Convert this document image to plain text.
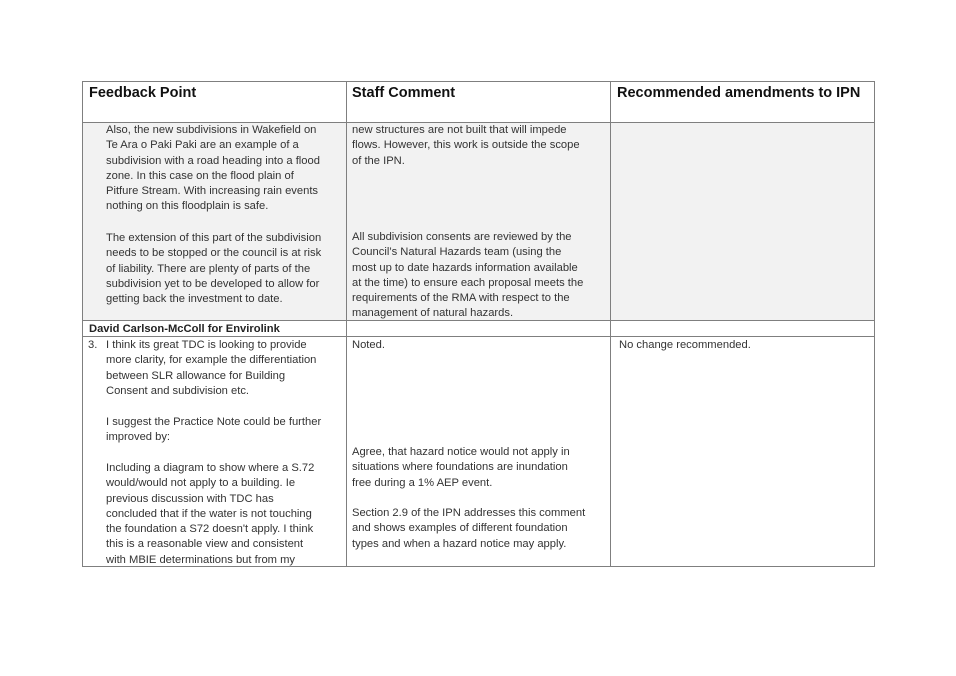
Feedback Point	Staff Comment	Recommended amendments to IPN
Also, the new subdivisions in Wakefield on
Te Ara o Paki Paki are an example of a
subdivision with a road heading into a flood
zone. In this case on the flood plain of
Pitfure Stream. With increasing rain events
nothing on this floodplain is safe.
The extension of this part of the subdivision
needs to be stopped or the council is at risk
of liability. There are plenty of parts of the
subdivision yet to be developed to allow for
getting back the investment to date.
new structures are not built that will impede
flows. However, this work is outside the scope
of the IPN.
All subdivision consents are reviewed by the
Council’s Natural Hazards team (using the
most up to date hazards information available
at the time) to ensure each proposal meets the
requirements of the RMA with respect to the
management of natural hazards.
David Carlson-McColl for Envirolink
3. I think its great TDC is looking to provide
more clarity, for example the differentiation
between SLR allowance for Building
Consent and subdivision etc.
I suggest the Practice Note could be further
improved by:
Including a diagram to show where a S.72
would/would not apply to a building. Ie
previous discussion with TDC has
concluded that if the water is not touching
the foundation a S72 doesn't apply. I think
this is a reasonable view and consistent
with MBIE determinations but from my
Noted.
Agree, that hazard notice would not apply in
situations where foundations are inundation
free during a 1% AEP event.
Section 2.9 of the IPN addresses this comment
and shows examples of different foundation
types and when a hazard notice may apply.
No change recommended.
